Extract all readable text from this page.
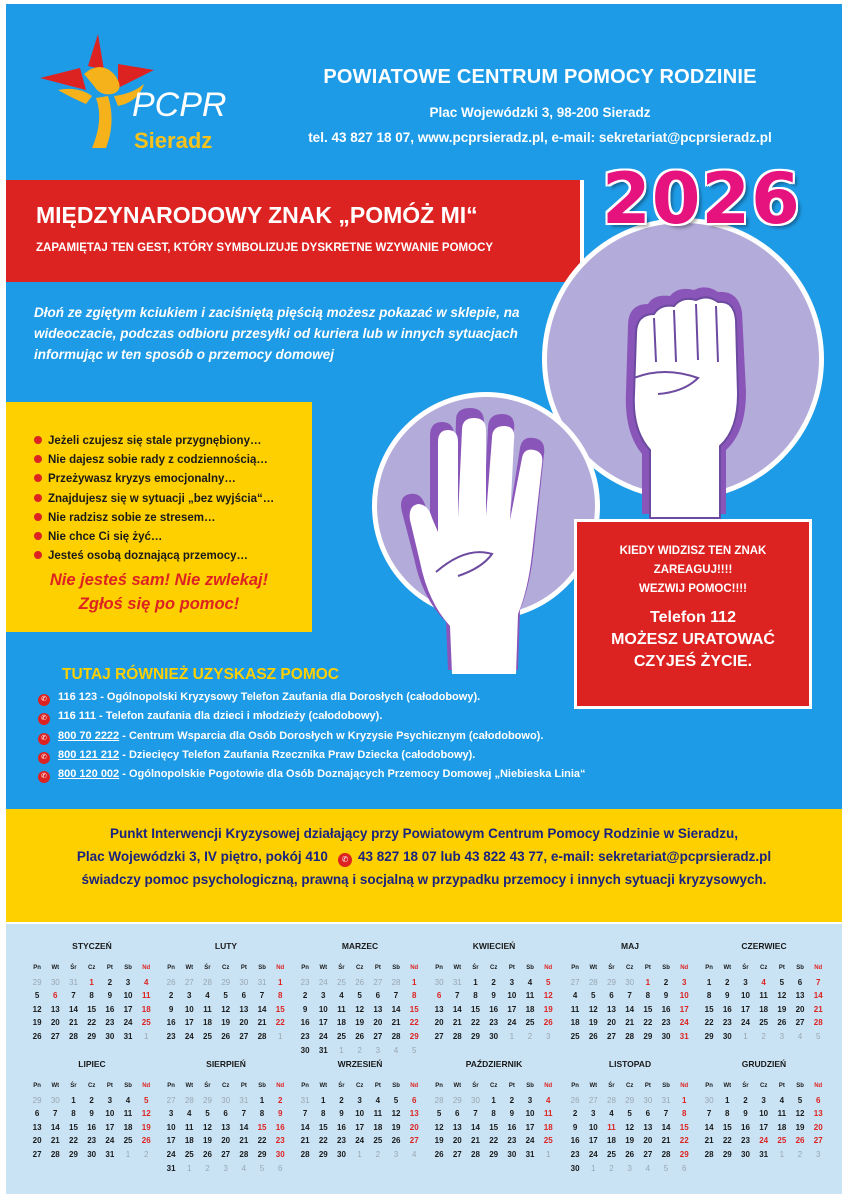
PCPR
Sieradz
POWIATOWE CENTRUM POMOCY RODZINIE
Plac Wojewódzki 3, 98-200 Sieradz
tel. 43 827 18 07, www.pcprsieradz.pl, e-mail: sekretariat@pcprsieradz.pl
MIĘDZYNARODOWY ZNAK „POMÓŻ MI“
ZAPAMIĘTAJ TEN GEST, KTÓRY SYMBOLIZUJE DYSKRETNE WZYWANIE POMOCY
2026
Dłoń ze zgiętym kciukiem i zaciśniętą pięścią możesz pokazać w sklepie, na wideoczacie, podczas odbioru przesyłki od kuriera lub w innych sytuacjach informując w ten sposób o przemocy domowej
Jeżeli czujesz się stale przygnębiony…
Nie dajesz sobie rady z codziennością…
Przeżywasz kryzys emocjonalny…
Znajdujesz się w sytuacji „bez wyjścia“…
Nie radzisz sobie ze stresem…
Nie chce Ci się żyć…
Jesteś osobą doznającą przemocy…
Nie jesteś sam! Nie zwlekaj!
Zgłoś się po pomoc!
KIEDY WIDZISZ TEN ZNAK
ZAREAGUJ!!!!
WEZWIJ POMOC!!!!
Telefon 112
MOŻESZ URATOWAĆ
CZYJEŚ ŻYCIE.
TUTAJ RÓWNIEŻ UZYSKASZ POMOC
✆ 116 123 - Ogólnopolski Kryzysowy Telefon Zaufania dla Dorosłych (całodobowy).
✆ 116 111 - Telefon zaufania dla dzieci i młodzieży (całodobowy).
✆ 800 70 2222 - Centrum Wsparcia dla Osób Dorosłych w Kryzysie Psychicznym (całodobowo).
✆ 800 121 212 - Dziecięcy Telefon Zaufania Rzecznika Praw Dziecka (całodobowy).
✆ 800 120 002 - Ogólnopolskie Pogotowie dla Osób Doznających Przemocy Domowej „Niebieska Linia“
Punkt Interwencji Kryzysowej działający przy Powiatowym Centrum Pomocy Rodzinie w Sieradzu,
Plac Wojewódzki 3, IV piętro, pokój 410 ✆ 43 827 18 07 lub 43 822 43 77, e-mail: sekretariat@pcprsieradz.pl
świadczy pomoc psychologiczną, prawną i socjalną w przypadku przemocy i innych sytuacji kryzysowych.
STYCZEŃ
Pn	Wt	Śr	Cz	Pt	Sb	Nd
29	30	31	1	2	3	4
5	6	7	8	9	10	11
12	13	14	15	16	17	18
19	20	21	22	23	24	25
26	27	28	29	30	31	1
LUTY
Pn	Wt	Śr	Cz	Pt	Sb	Nd
26	27	28	29	30	31	1
2	3	4	5	6	7	8
9	10	11	12	13	14	15
16	17	18	19	20	21	22
23	24	25	26	27	28	1
MARZEC
Pn	Wt	Śr	Cz	Pt	Sb	Nd
23	24	25	26	27	28	1
2	3	4	5	6	7	8
9	10	11	12	13	14	15
16	17	18	19	20	21	22
23	24	25	26	27	28	29
30	31	1	2	3	4	5
KWIECIEŃ
Pn	Wt	Śr	Cz	Pt	Sb	Nd
30	31	1	2	3	4	5
6	7	8	9	10	11	12
13	14	15	16	17	18	19
20	21	22	23	24	25	26
27	28	29	30	1	2	3
MAJ
Pn	Wt	Śr	Cz	Pt	Sb	Nd
27	28	29	30	1	2	3
4	5	6	7	8	9	10
11	12	13	14	15	16	17
18	19	20	21	22	23	24
25	26	27	28	29	30	31
CZERWIEC
Pn	Wt	Śr	Cz	Pt	Sb	Nd
1	2	3	4	5	6	7
8	9	10	11	12	13	14
15	16	17	18	19	20	21
22	23	24	25	26	27	28
29	30	1	2	3	4	5
LIPIEC
Pn	Wt	Śr	Cz	Pt	Sb	Nd
29	30	1	2	3	4	5
6	7	8	9	10	11	12
13	14	15	16	17	18	19
20	21	22	23	24	25	26
27	28	29	30	31	1	2
SIERPIEŃ
Pn	Wt	Śr	Cz	Pt	Sb	Nd
27	28	29	30	31	1	2
3	4	5	6	7	8	9
10	11	12	13	14	15	16
17	18	19	20	21	22	23
24	25	26	27	28	29	30
31	1	2	3	4	5	6
WRZESIEŃ
Pn	Wt	Śr	Cz	Pt	Sb	Nd
31	1	2	3	4	5	6
7	8	9	10	11	12	13
14	15	16	17	18	19	20
21	22	23	24	25	26	27
28	29	30	1	2	3	4
PAŹDZIERNIK
Pn	Wt	Śr	Cz	Pt	Sb	Nd
28	29	30	1	2	3	4
5	6	7	8	9	10	11
12	13	14	15	16	17	18
19	20	21	22	23	24	25
26	27	28	29	30	31	1
LISTOPAD
Pn	Wt	Śr	Cz	Pt	Sb	Nd
26	27	28	29	30	31	1
2	3	4	5	6	7	8
9	10	11	12	13	14	15
16	17	18	19	20	21	22
23	24	25	26	27	28	29
30	1	2	3	4	5	6
GRUDZIEŃ
Pn	Wt	Śr	Cz	Pt	Sb	Nd
30	1	2	3	4	5	6
7	8	9	10	11	12	13
14	15	16	17	18	19	20
21	22	23	24	25	26	27
28	29	30	31	1	2	3
